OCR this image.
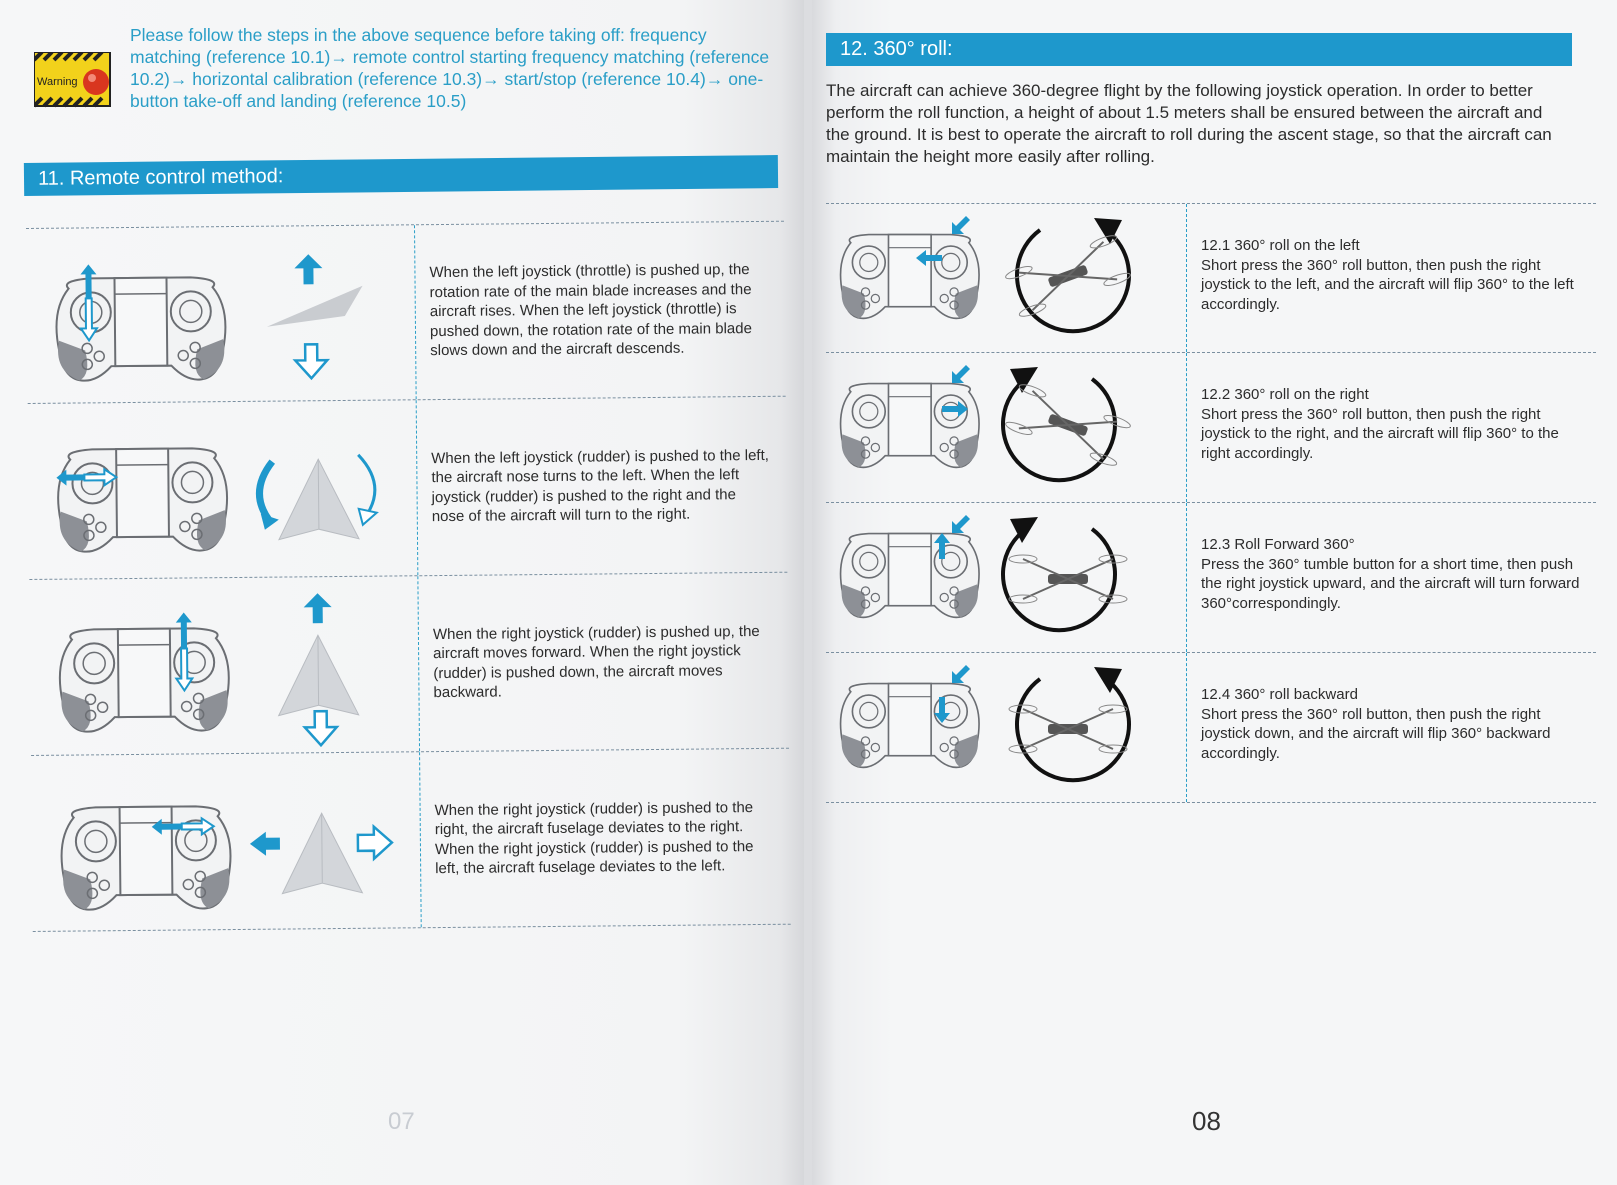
Warning
Please follow the steps in the above sequence before taking off: frequency matching (reference 10.1)→ remote control starting frequency matching (reference 10.2)→ horizontal calibration (reference 10.3)→ start/stop (reference 10.4)→ one-button take-off and landing (reference 10.5)
11. Remote control method:
When the left joystick (throttle) is pushed up, the rotation rate of the main blade increases and the aircraft rises. When the left joystick (throttle) is pushed down, the rotation rate of the main blade slows down and the aircraft descends.
When the left joystick (rudder) is pushed to the left, the aircraft nose turns to the left. When the left joystick (rudder) is pushed to the right and the nose of the aircraft will turn to the right.
When the right joystick (rudder) is pushed up, the aircraft moves forward. When the right joystick (rudder) is pushed down, the aircraft moves backward.
When the right joystick (rudder) is pushed to the right, the aircraft fuselage deviates to the right. When the right joystick (rudder) is pushed to the left, the aircraft fuselage deviates to the left.
07
12. 360° roll:
The aircraft can achieve 360-degree flight by the following joystick operation. In order to better perform the roll function, a height of about 1.5 meters shall be ensured between the aircraft and the ground. It is best to operate the aircraft to roll during the ascent stage, so that the aircraft can maintain the height more easily after rolling.
12.1 360° roll on the left
Short press the 360° roll button, then push the right joystick to the left, and the aircraft will flip 360° to the left accordingly.
12.2 360° roll on the right
Short press the 360° roll button, then push the right joystick to the right, and the aircraft will flip 360° to the right accordingly.
12.3 Roll Forward 360°
Press the 360° tumble button for a short time, then push the right joystick upward, and the aircraft will turn forward 360°correspondingly.
12.4 360° roll backward
Short press the 360° roll button, then push the right joystick down, and the aircraft will flip 360° backward accordingly.
08
